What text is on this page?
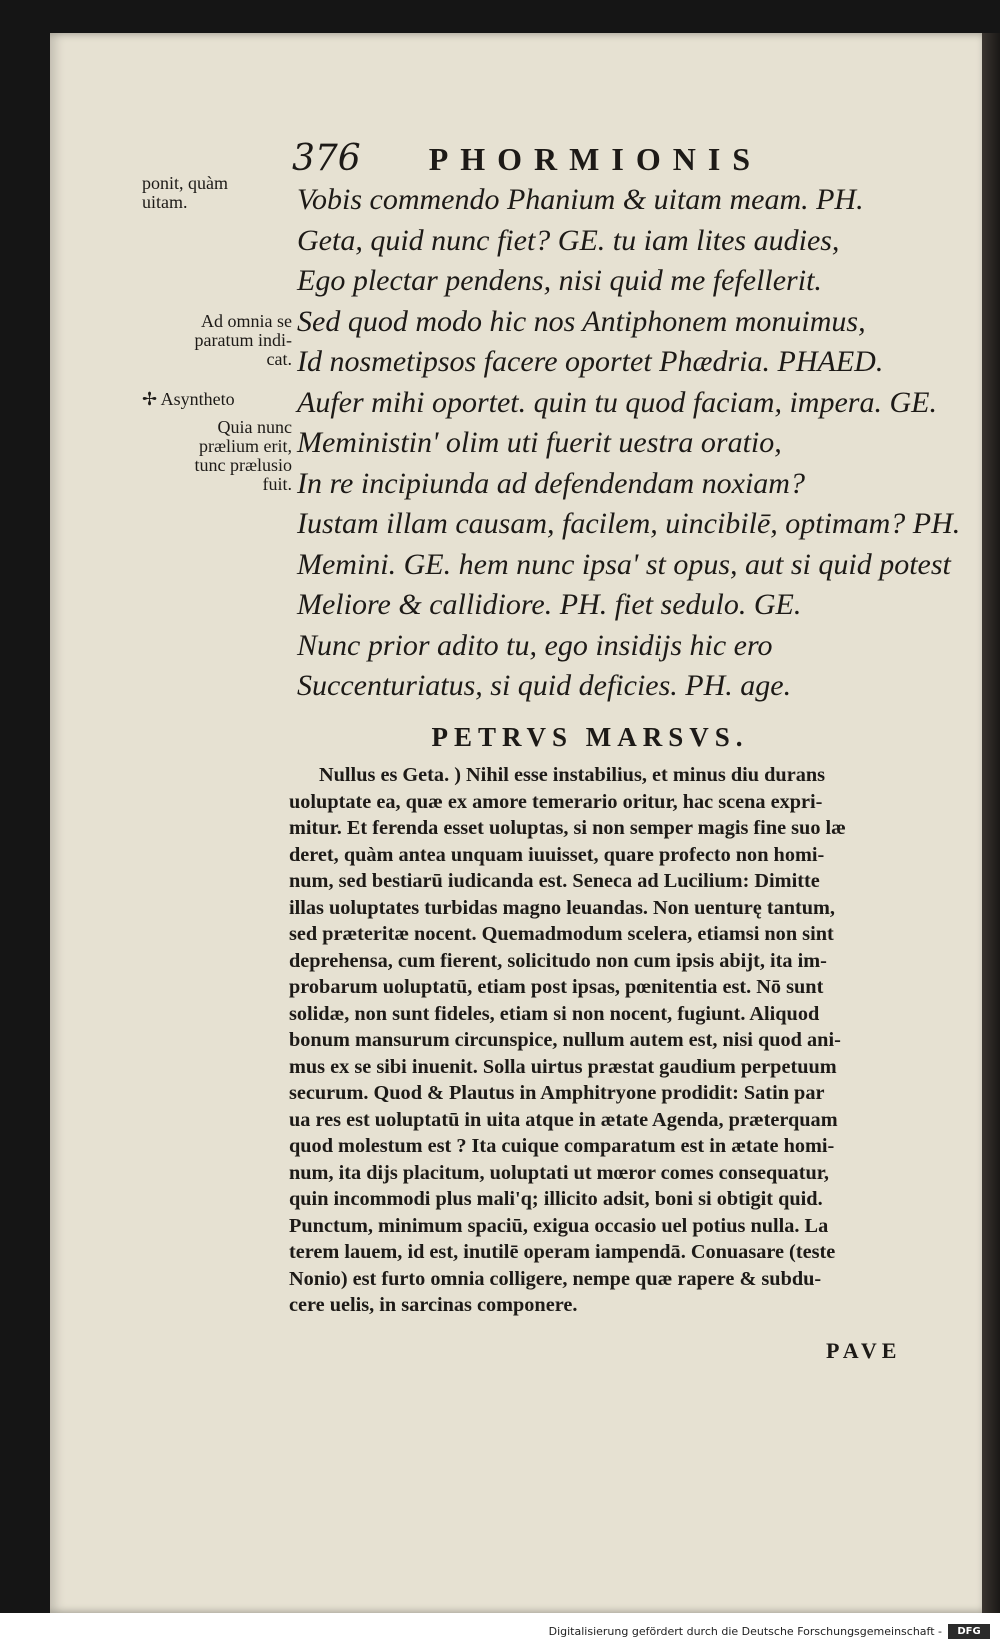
376 PHORMIONIS
ponit, quàm
uitam.
Ad omnia se
paratum indi-
cat.
✢ Asyntheto
Quia nunc
prælium erit,
tunc prælusio
fuit.
Vobis commendo Phanium & uitam meam. PH.
Geta, quid nunc fiet? GE. tu iam lites audies,
Ego plectar pendens, nisi quid me fefellerit.
Sed quod modo hic nos Antiphonem monuimus,
Id nosmetipsos facere oportet Phædria. PHAED.
Aufer mihi oportet. quin tu quod faciam, impera. GE.
Meministin' olim uti fuerit uestra oratio,
In re incipiunda ad defendendam noxiam?
Iustam illam causam, facilem, uincibilē, optimam? PH.
Memini. GE. hem nunc ipsa' st opus, aut si quid potest
Meliore & callidiore. PH. fiet sedulo. GE.
Nunc prior adito tu, ego insidijs hic ero
Succenturiatus, si quid deficies. PH. age.
PETRVS MARSVS.
Nullus es Geta. ) Nihil esse instabilius, et minus diu durans
uoluptate ea, quæ ex amore temerario oritur, hac scena expri-
mitur. Et ferenda esset uoluptas, si non semper magis fine suo læ
deret, quàm antea unquam iuuisset, quare profecto non homi-
num, sed bestiarū iudicanda est. Seneca ad Lucilium: Dimitte
illas uoluptates turbidas magno leuandas. Non uenturę tantum,
sed præteritæ nocent. Quemadmodum scelera, etiamsi non sint
deprehensa, cum fierent, solicitudo non cum ipsis abijt, ita im-
probarum uoluptatū, etiam post ipsas, pœnitentia est. Nō sunt
solidæ, non sunt fideles, etiam si non nocent, fugiunt. Aliquod
bonum mansurum circunspice, nullum autem est, nisi quod ani-
mus ex se sibi inuenit. Solla uirtus præstat gaudium perpetuum
securum. Quod & Plautus in Amphitryone prodidit: Satin par
ua res est uoluptatū in uita atque in ætate Agenda, præterquam
quod molestum est ? Ita cuique comparatum est in ætate homi-
num, ita dijs placitum, uoluptati ut mœror comes consequatur,
quin incommodi plus mali'q; illicito adsit, boni si obtigit quid.
Punctum, minimum spaciū, exigua occasio uel potius nulla. La
terem lauem, id est, inutilē operam iampendā. Conuasare (teste
Nonio) est furto omnia colligere, nempe quæ rapere & subdu-
cere uelis, in sarcinas componere.
PAVE
Digitalisierung gefördert durch die Deutsche Forschungsgemeinschaft -	DFG
